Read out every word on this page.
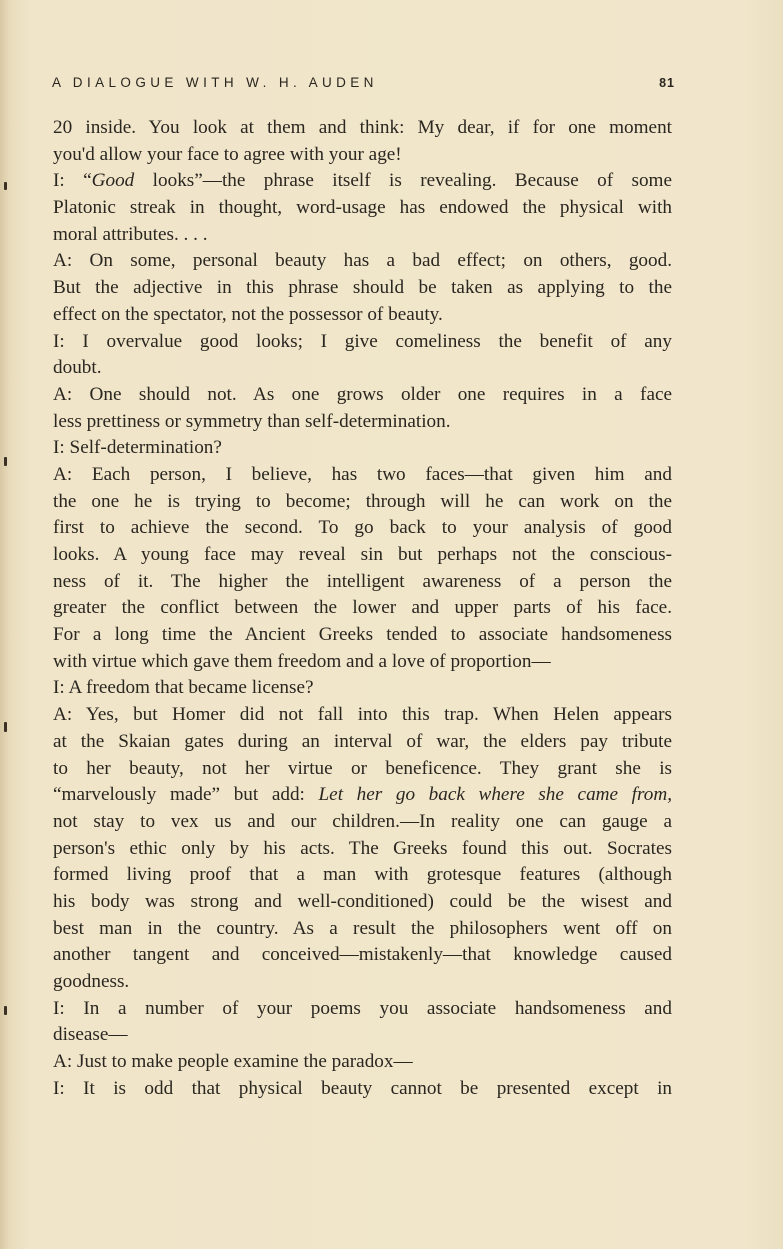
A DIALOGUE WITH W. H. AUDEN	81
20 inside. You look at them and think: My dear, if for one moment
you'd allow your face to agree with your age!
I: “Good looks”—the phrase itself is revealing. Because of some
Platonic streak in thought, word-usage has endowed the physical with
moral attributes. . . .
A: On some, personal beauty has a bad effect; on others, good.
But the adjective in this phrase should be taken as applying to the
effect on the spectator, not the possessor of beauty.
I: I overvalue good looks; I give comeliness the benefit of any
doubt.
A: One should not. As one grows older one requires in a face
less prettiness or symmetry than self-determination.
I: Self-determination?
A: Each person, I believe, has two faces—that given him and
the one he is trying to become; through will he can work on the
first to achieve the second. To go back to your analysis of good
looks. A young face may reveal sin but perhaps not the conscious-
ness of it. The higher the intelligent awareness of a person the
greater the conflict between the lower and upper parts of his face.
For a long time the Ancient Greeks tended to associate handsomeness
with virtue which gave them freedom and a love of proportion—
I: A freedom that became license?
A: Yes, but Homer did not fall into this trap. When Helen appears
at the Skaian gates during an interval of war, the elders pay tribute
to her beauty, not her virtue or beneficence. They grant she is
“marvelously made” but add: Let her go back where she came from,
not stay to vex us and our children.—In reality one can gauge a
person's ethic only by his acts. The Greeks found this out. Socrates
formed living proof that a man with grotesque features (although
his body was strong and well-conditioned) could be the wisest and
best man in the country. As a result the philosophers went off on
another tangent and conceived—mistakenly—that knowledge caused
goodness.
I: In a number of your poems you associate handsomeness and
disease—
A: Just to make people examine the paradox—
I: It is odd that physical beauty cannot be presented except in
